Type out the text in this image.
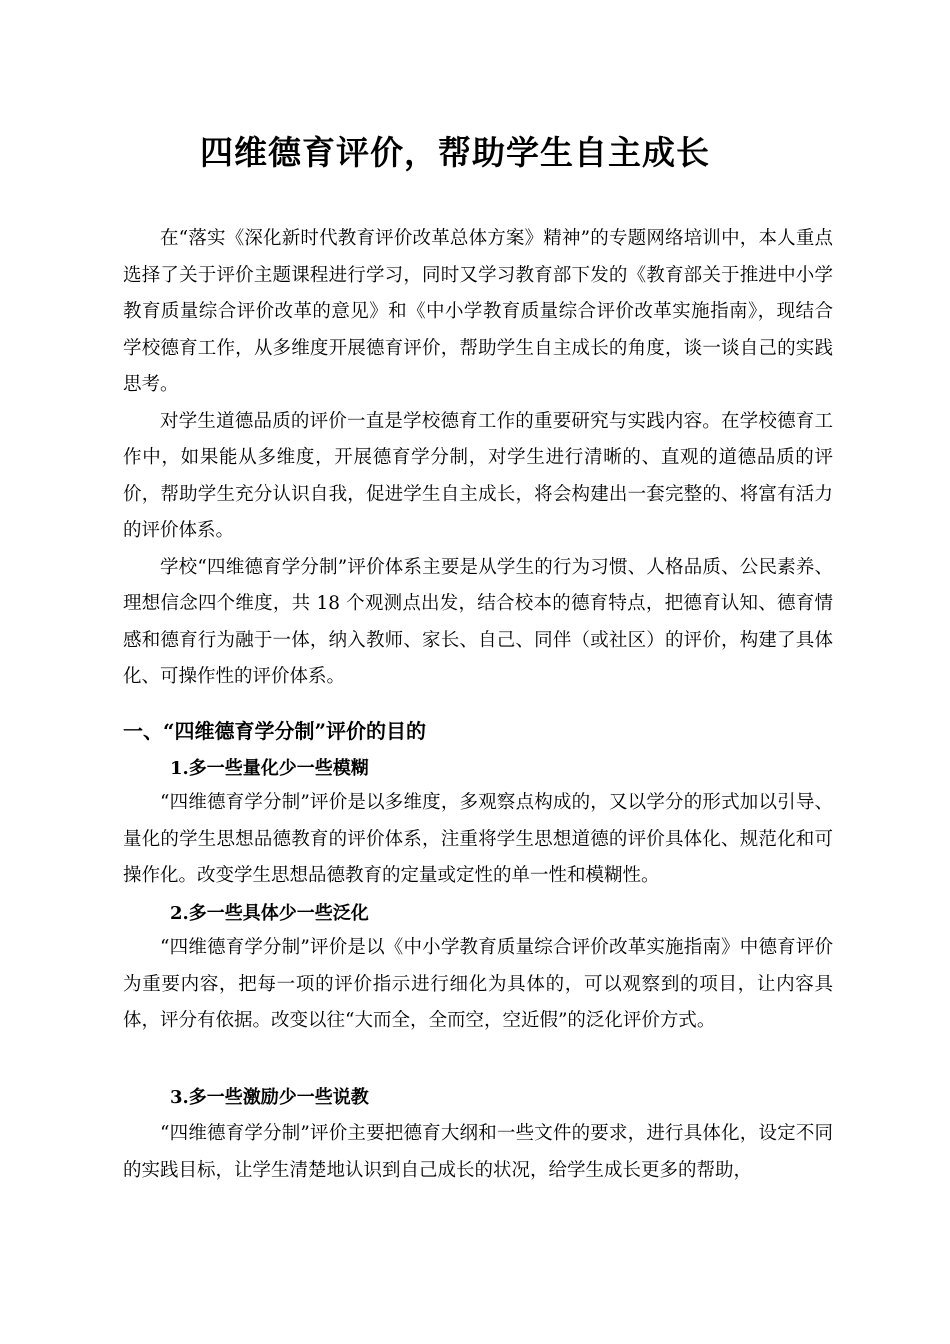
四维德育评价，帮助学生自主成长

在“落实《深化新时代教育评价改革总体方案》精神”的专题网络培训中，本人重点选择了关于评价主题课程进行学习，同时又学习教育部下发的《教育部关于推进中小学教育质量综合评价改革的意见》和《中小学教育质量综合评价改革实施指南》，现结合学校德育工作，从多维度开展德育评价，帮助学生自主成长的角度，谈一谈自己的实践思考。

对学生道德品质的评价一直是学校德育工作的重要研究与实践内容。在学校德育工作中，如果能从多维度，开展德育学分制，对学生进行清晰的、直观的道德品质的评价，帮助学生充分认识自我，促进学生自主成长，将会构建出一套完整的、将富有活力的评价体系。

学校“四维德育学分制”评价体系主要是从学生的行为习惯、人格品质、公民素养、理想信念四个维度，共 18 个观测点出发，结合校本的德育特点，把德育认知、德育情感和德育行为融于一体，纳入教师、家长、自己、同伴（或社区）的评价，构建了具体化、可操作性的评价体系。

一、“四维德育学分制”评价的目的
1.多一些量化少一些模糊

“四维德育学分制”评价是以多维度，多观察点构成的，又以学分的形式加以引导、量化的学生思想品德教育的评价体系，注重将学生思想道德的评价具体化、规范化和可操作化。改变学生思想品德教育的定量或定性的单一性和模糊性。

2.多一些具体少一些泛化

“四维德育学分制”评价是以《中小学教育质量综合评价改革实施指南》中德育评价为重要内容，把每一项的评价指示进行细化为具体的，可以观察到的项目，让内容具体，评分有依据。改变以往“大而全，全而空，空近假”的泛化评价方式。

3.多一些激励少一些说教

“四维德育学分制”评价主要把德育大纲和一些文件的要求，进行具体化，设定不同的实践目标，让学生清楚地认识到自己成长的状况，给学生成长更多的帮助，
